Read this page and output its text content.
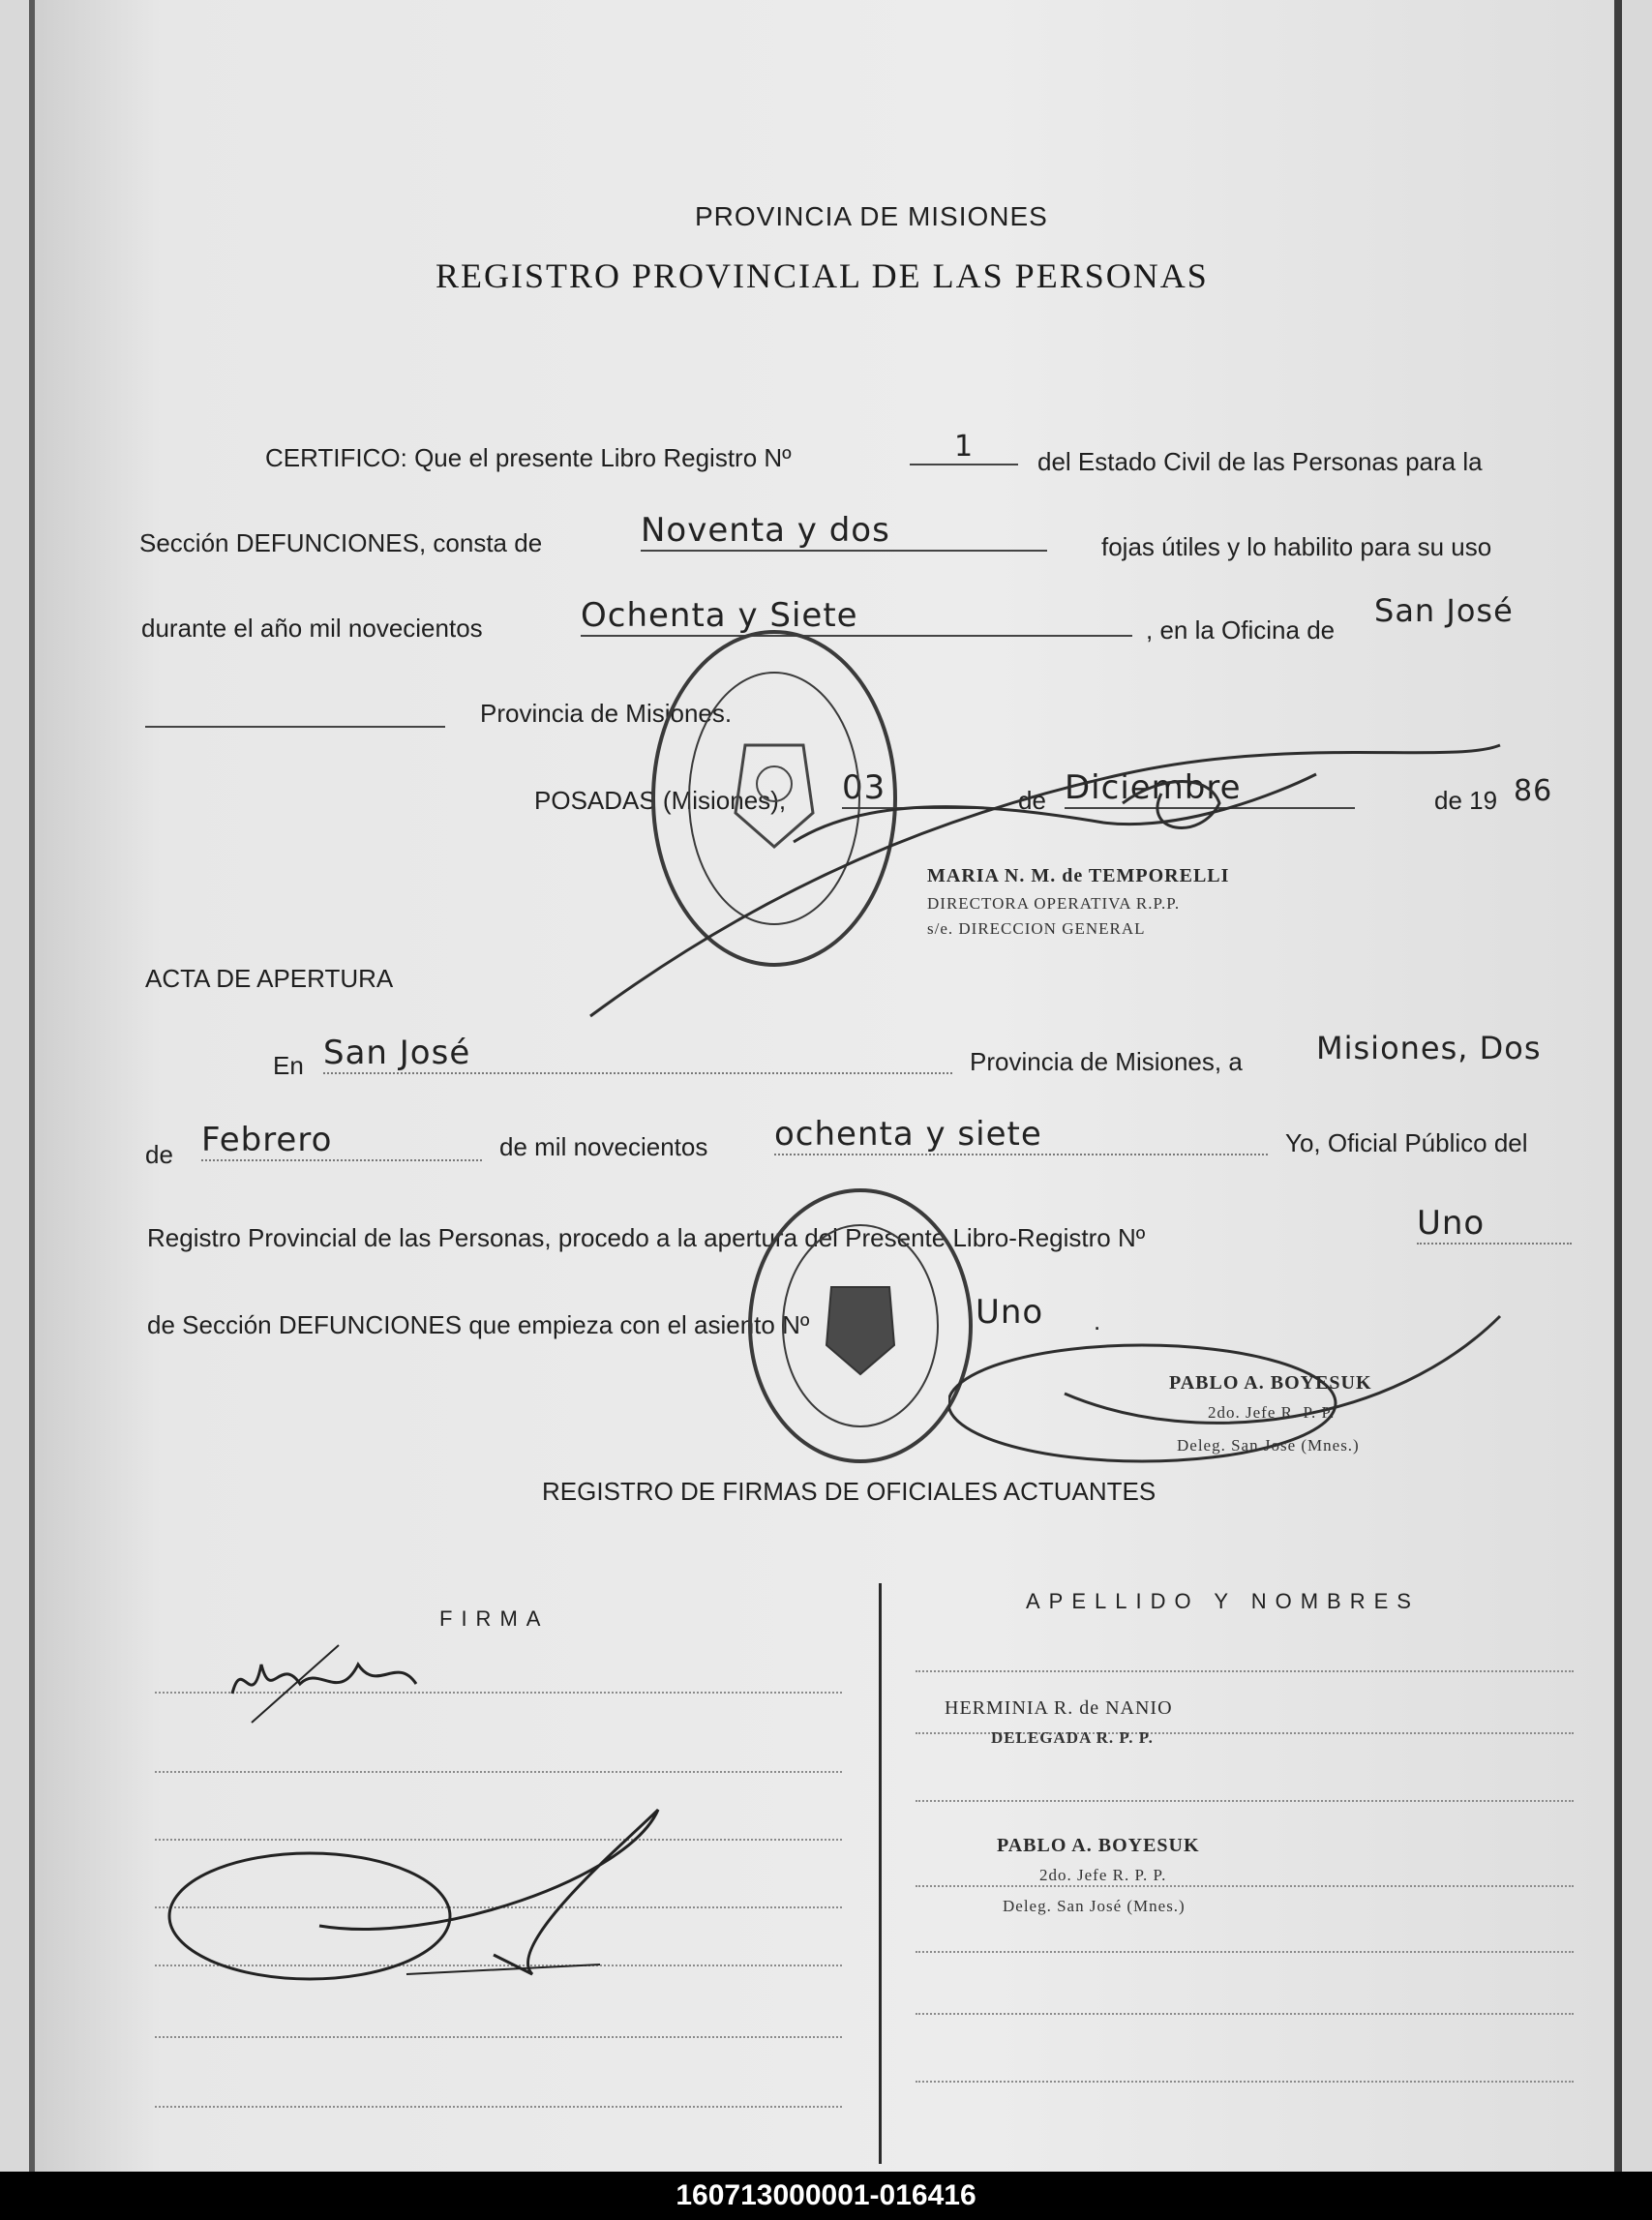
PROVINCIA DE MISIONES
REGISTRO PROVINCIAL DE LAS PERSONAS
CERTIFICO: Que el presente Libro Registro Nº	1	del Estado Civil de las Personas para la
Sección DEFUNCIONES, consta de	Noventa y dos	fojas útiles y lo habilito para su uso
durante el año mil novecientos	Ochenta y Siete	, en la Oficina de
San José
Provincia de Misiones.
POSADAS (Misiones), 03	de Diciembre	de 19 86
MARIA N. M. de TEMPORELLI
DIRECTORA OPERATIVA R.P.P.
s/e. DIRECCION GENERAL
ACTA DE APERTURA
En San José	Provincia de Misiones, a Misiones, Dos
de Febrero	de mil novecientos ochenta y siete	Yo, Oficial Público del
Registro Provincial de las Personas, procedo a la apertura del Presente Libro-Registro Nº	Uno
de Sección DEFUNCIONES que empieza con el asiento Nº	Uno .
PABLO A. BOYESUK
2do. Jefe R. P. P.
Deleg. San José (Mnes.)
REGISTRO DE FIRMAS DE OFICIALES ACTUANTES
FIRMA
APELLIDO Y NOMBRES
HERMINIA R. de NANIO
DELEGADA R. P. P.
PABLO A. BOYESUK
2do. Jefe R. P. P.
Deleg. San José (Mnes.)
160713000001-016416
